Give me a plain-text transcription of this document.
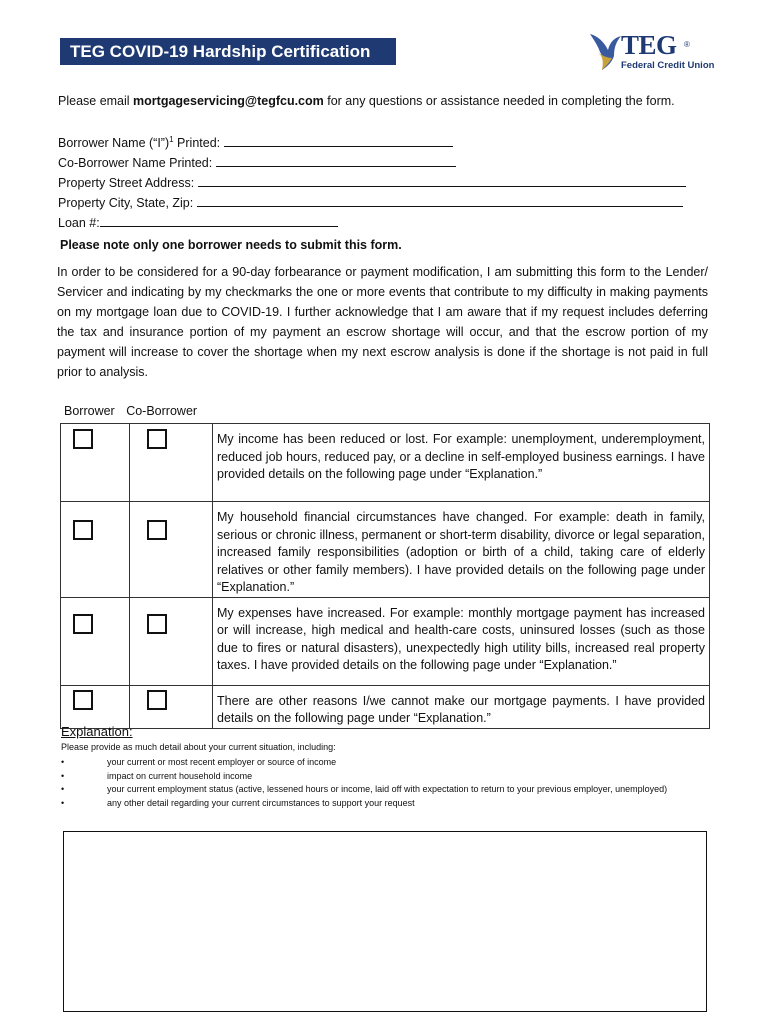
TEG COVID-19 Hardship Certification	TEG ®
Federal Credit Union
Please email mortgageservicing@tegfcu.com for any questions or assistance needed in completing the form.
Borrower Name (“I”)$^1$ Printed:
Co-Borrower Name Printed:
Property Street Address:
Property City, State, Zip:
Loan #:
Please note only one borrower needs to submit this form.
In order to be considered for a 90-day forbearance or payment modification, I am submitting this form to the Lender/ Servicer and indicating by my checkmarks the one or more events that contribute to my difficulty in making payments on my mortgage loan due to COVID-19. I further acknowledge that I am aware that if my request includes deferring the tax and insurance portion of my payment an escrow shortage will occur, and that the escrow portion of my payment will increase to cover the shortage when my next escrow analysis is done if the shortage is not paid in full prior to analysis.
Borrower Co-Borrower

	My income has been reduced or lost. For example: unemployment, underemployment, reduced job hours, reduced pay, or a decline in self-employed business earnings. I have provided details on the following page under “Explanation.”

	My household financial circumstances have changed. For example: death in family, serious or chronic illness, permanent or short-term disability, divorce or legal separation, increased family responsibilities (adoption or birth of a child, taking care of elderly relatives or other family members). I have provided details on the following page under “Explanation.”

	My expenses have increased. For example: monthly mortgage payment has increased or will increase, high medical and health-care costs, uninsured losses (such as those due to fires or natural disasters), unexpectedly high utility bills, increased real property taxes. I have provided details on the following page under “Explanation.”

	There are other reasons I/we cannot make our mortgage payments. I have provided details on the following page under “Explanation.”
Explanation:
Please provide as much detail about your current situation, including:
•	your current or most recent employer or source of income
•	impact on current household income
•	your current employment status (active, lessened hours or income, laid off with expectation to return to your previous employer, unemployed)
•	any other detail regarding your current circumstances to support your request
